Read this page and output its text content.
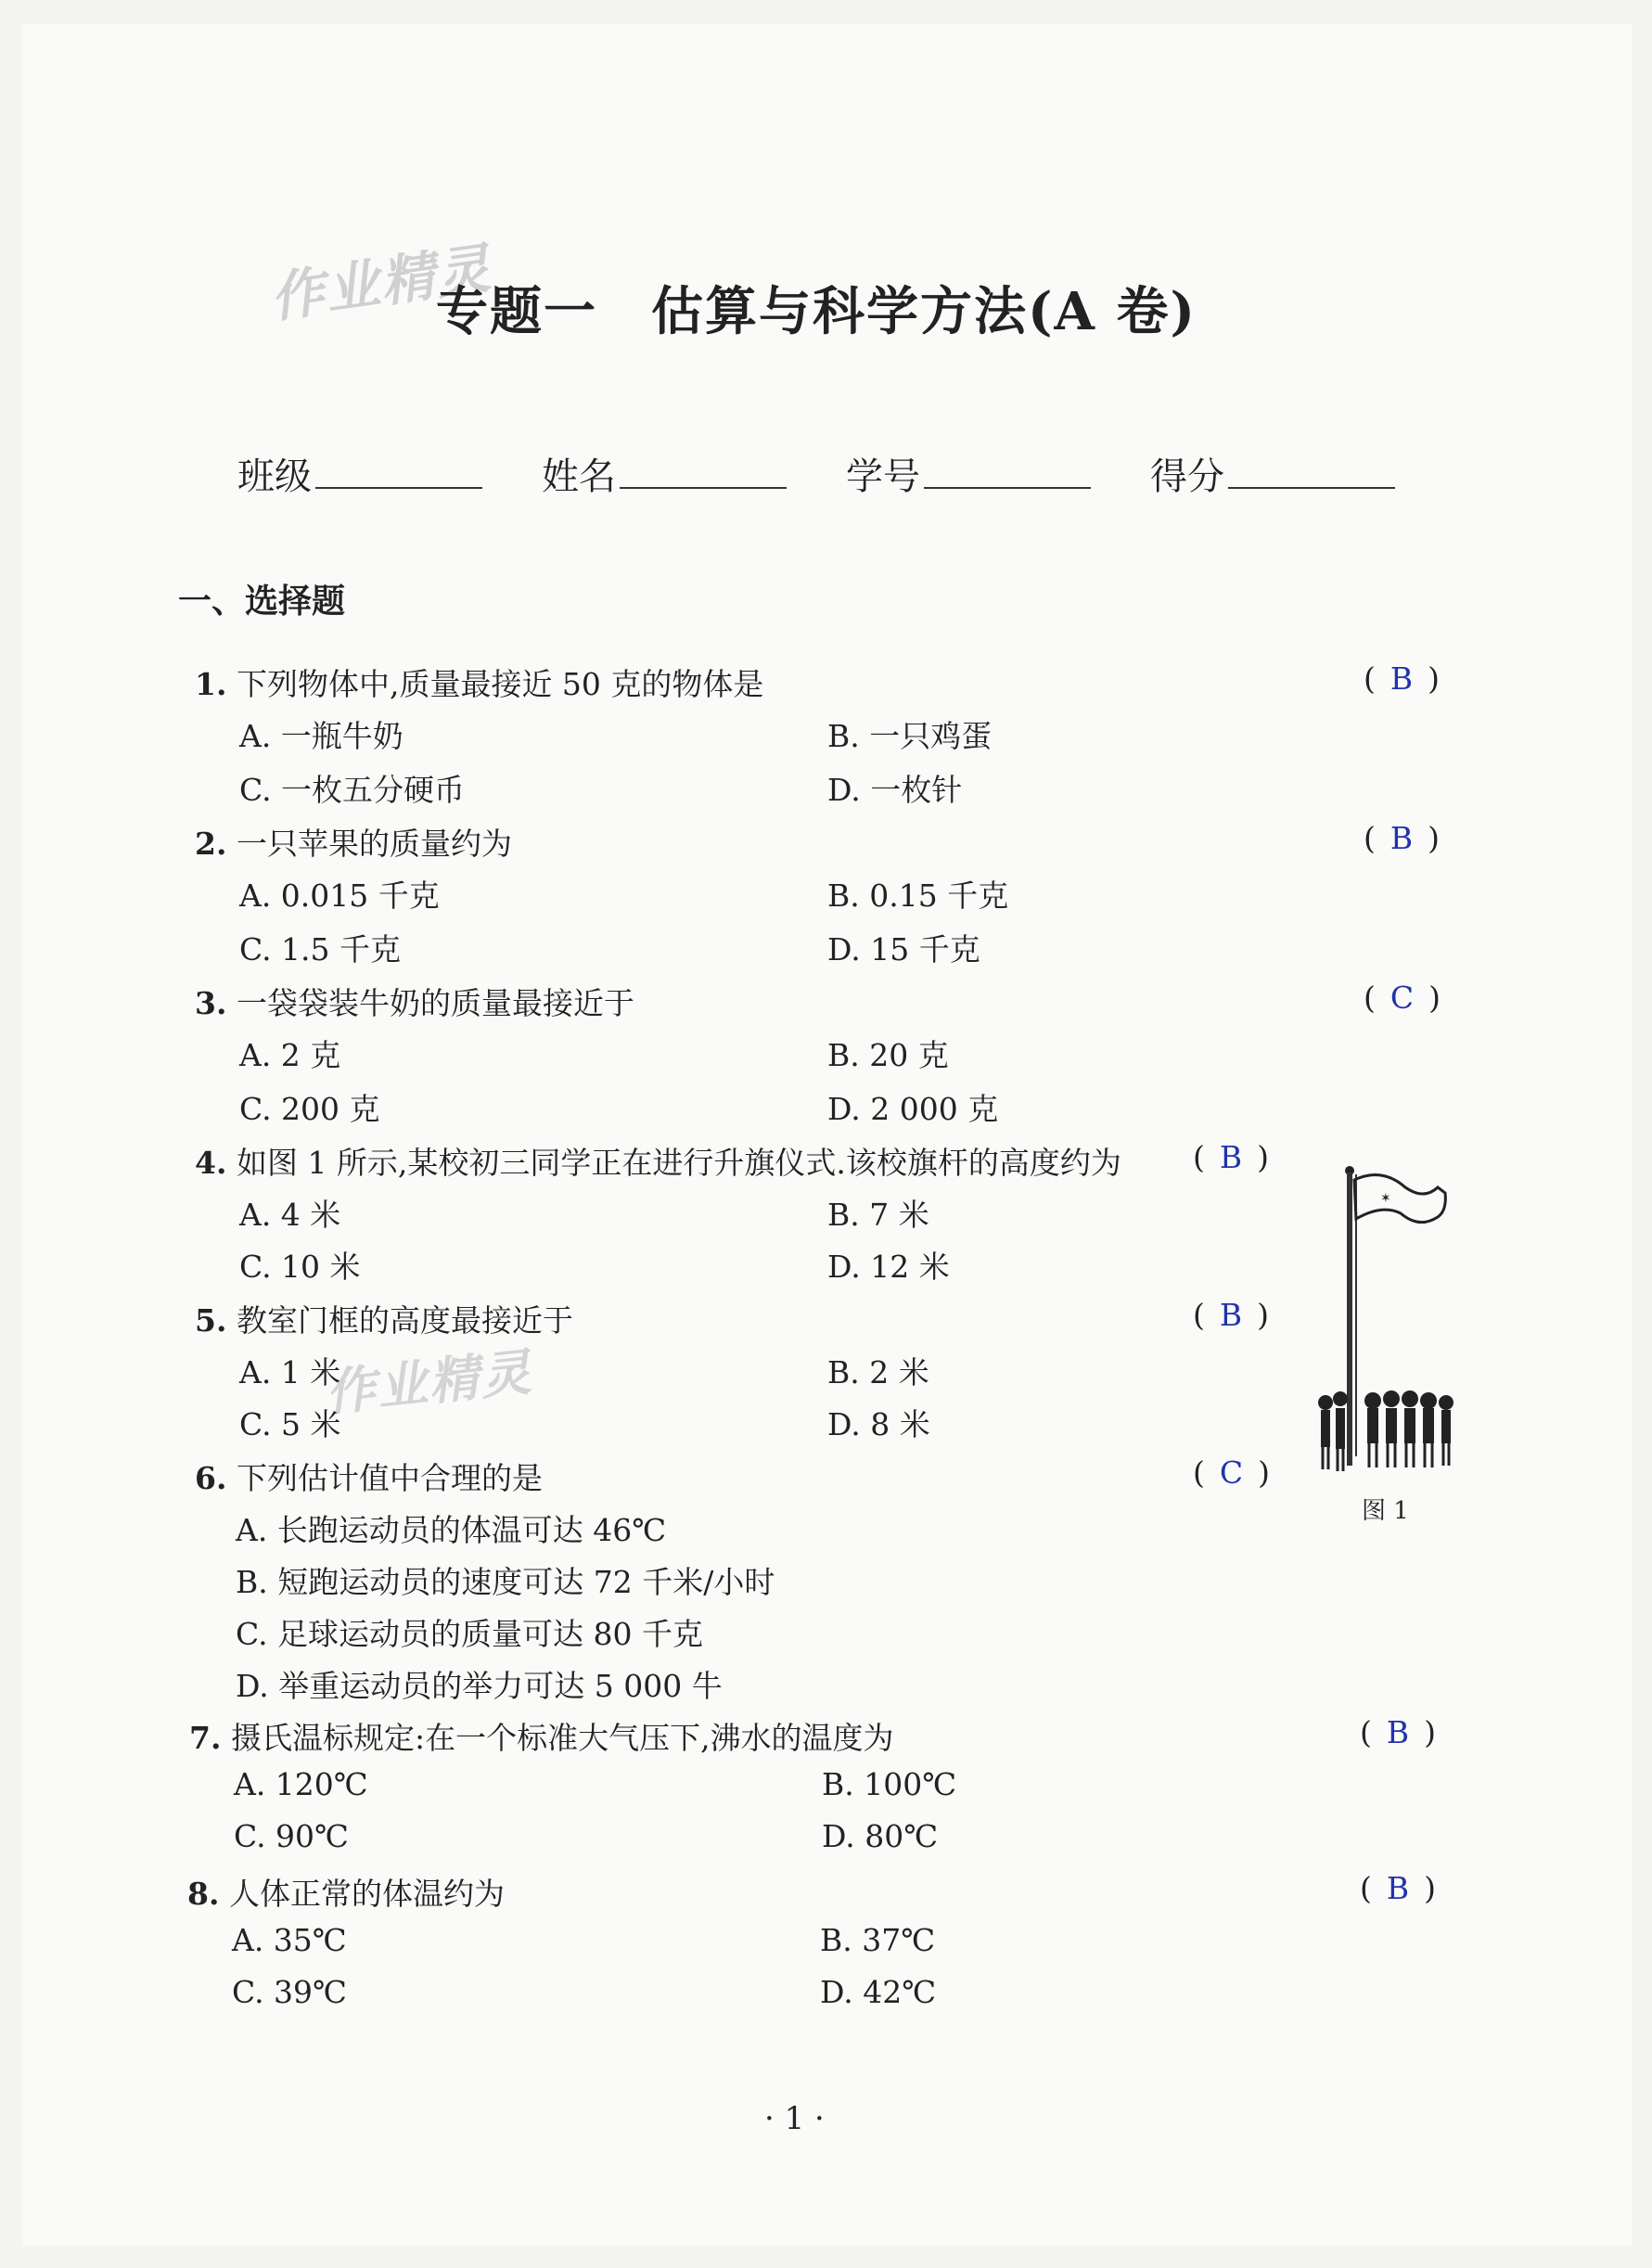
作业精灵
作业精灵
专题一　估算与科学方法(A 卷)
班级	姓名	学号	得分
一、选择题
1. 下列物体中,质量最接近 50 克的物体是	( B )
A. 一瓶牛奶	B. 一只鸡蛋
C. 一枚五分硬币	D. 一枚针
2. 一只苹果的质量约为	( B )
A. 0.015 千克	B. 0.15 千克
C. 1.5 千克	D. 15 千克
3. 一袋袋装牛奶的质量最接近于	( C )
A. 2 克	B. 20 克
C. 200 克	D. 2 000 克
4. 如图 1 所示,某校初三同学正在进行升旗仪式.该校旗杆的高度约为 ( B )
A. 4 米	B. 7 米
C. 10 米	D. 12 米
5. 教室门框的高度最接近于	( B )
A. 1 米	B. 2 米
C. 5 米	D. 8 米
6. 下列估计值中合理的是	( C )
A. 长跑运动员的体温可达 46℃
B. 短跑运动员的速度可达 72 千米/小时
C. 足球运动员的质量可达 80 千克
D. 举重运动员的举力可达 5 000 牛
7. 摄氏温标规定:在一个标准大气压下,沸水的温度为	( B )
A. 120℃	B. 100℃
C. 90℃	D. 80℃
8. 人体正常的体温约为	( B )
A. 35℃	B. 37℃
C. 39℃	D. 42℃
✶
图 1
· 1 ·
